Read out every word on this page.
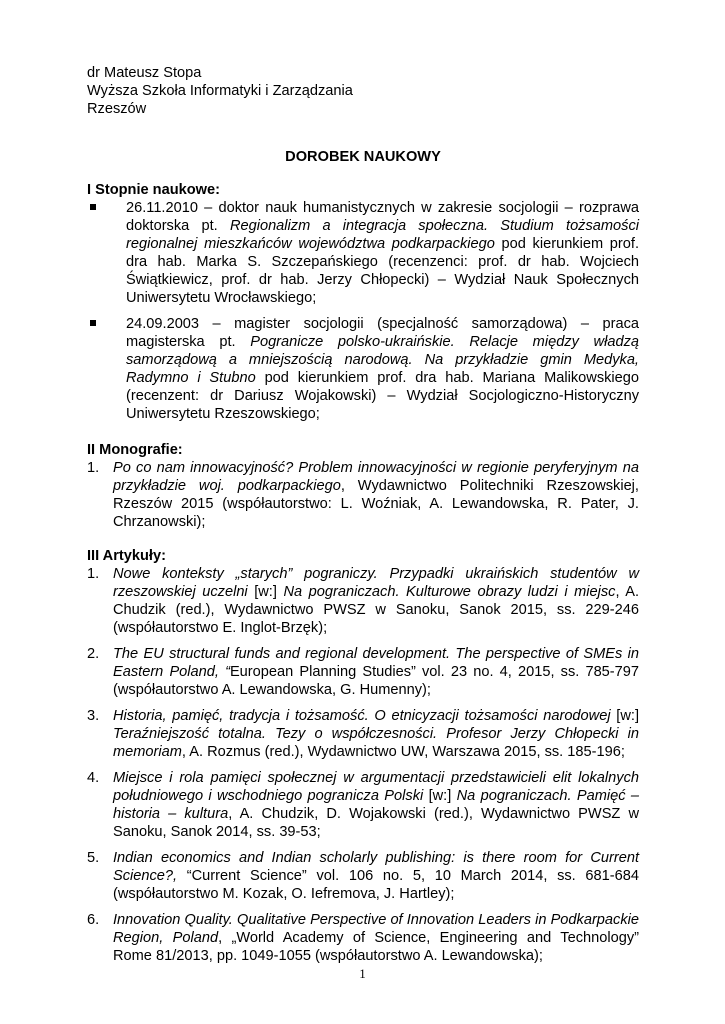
dr Mateusz Stopa
Wyższa Szkoła Informatyki i Zarządzania
Rzeszów
DOROBEK NAUKOWY
I Stopnie naukowe:
26.11.2010 – doktor nauk humanistycznych w zakresie socjologii – rozprawa doktorska pt. Regionalizm a integracja społeczna. Studium tożsamości regionalnej mieszkańców województwa podkarpackiego pod kierunkiem prof. dra hab. Marka S. Szczepańskiego (recenzenci: prof. dr hab. Wojciech Świątkiewicz, prof. dr hab. Jerzy Chłopecki) – Wydział Nauk Społecznych Uniwersytetu Wrocławskiego;
24.09.2003 – magister socjologii (specjalność samorządowa) – praca magisterska pt. Pogranicze polsko-ukraińskie. Relacje między władzą samorządową a mniejszością narodową. Na przykładzie gmin Medyka, Radymno i Stubno pod kierunkiem prof. dra hab. Mariana Malikowskiego (recenzent: dr Dariusz Wojakowski) – Wydział Socjologiczno-Historyczny Uniwersytetu Rzeszowskiego;
II Monografie:
1. Po co nam innowacyjność? Problem innowacyjności w regionie peryferyjnym na przykładzie woj. podkarpackiego, Wydawnictwo Politechniki Rzeszowskiej, Rzeszów 2015 (współautorstwo: L. Woźniak, A. Lewandowska, R. Pater, J. Chrzanowski);
III Artykuły:
1. Nowe konteksty „starych” pograniczy. Przypadki ukraińskich studentów w rzeszowskiej uczelni [w:] Na pograniczach. Kulturowe obrazy ludzi i miejsc, A. Chudzik (red.), Wydawnictwo PWSZ w Sanoku, Sanok 2015, ss. 229-246 (współautorstwo E. Inglot-Brzęk);
2. The EU structural funds and regional development. The perspective of SMEs in Eastern Poland, “European Planning Studies” vol. 23 no. 4, 2015, ss. 785-797 (współautorstwo A. Lewandowska, G. Humenny);
3. Historia, pamięć, tradycja i tożsamość. O etnicyzacji tożsamości narodowej [w:] Teraźniejszość totalna. Tezy o współczesności. Profesor Jerzy Chłopecki in memoriam, A. Rozmus (red.), Wydawnictwo UW, Warszawa 2015, ss. 185-196;
4. Miejsce i rola pamięci społecznej w argumentacji przedstawicieli elit lokalnych południowego i wschodniego pogranicza Polski [w:] Na pograniczach. Pamięć – historia – kultura, A. Chudzik, D. Wojakowski (red.), Wydawnictwo PWSZ w Sanoku, Sanok 2014, ss. 39-53;
5. Indian economics and Indian scholarly publishing: is there room for Current Science?, “Current Science” vol. 106 no. 5, 10 March 2014, ss. 681-684 (współautorstwo M. Kozak, O. Iefremova, J. Hartley);
6. Innovation Quality. Qualitative Perspective of Innovation Leaders in Podkarpackie Region, Poland, „World Academy of Science, Engineering and Technology” Rome 81/2013, pp. 1049-1055 (współautorstwo A. Lewandowska);
1
